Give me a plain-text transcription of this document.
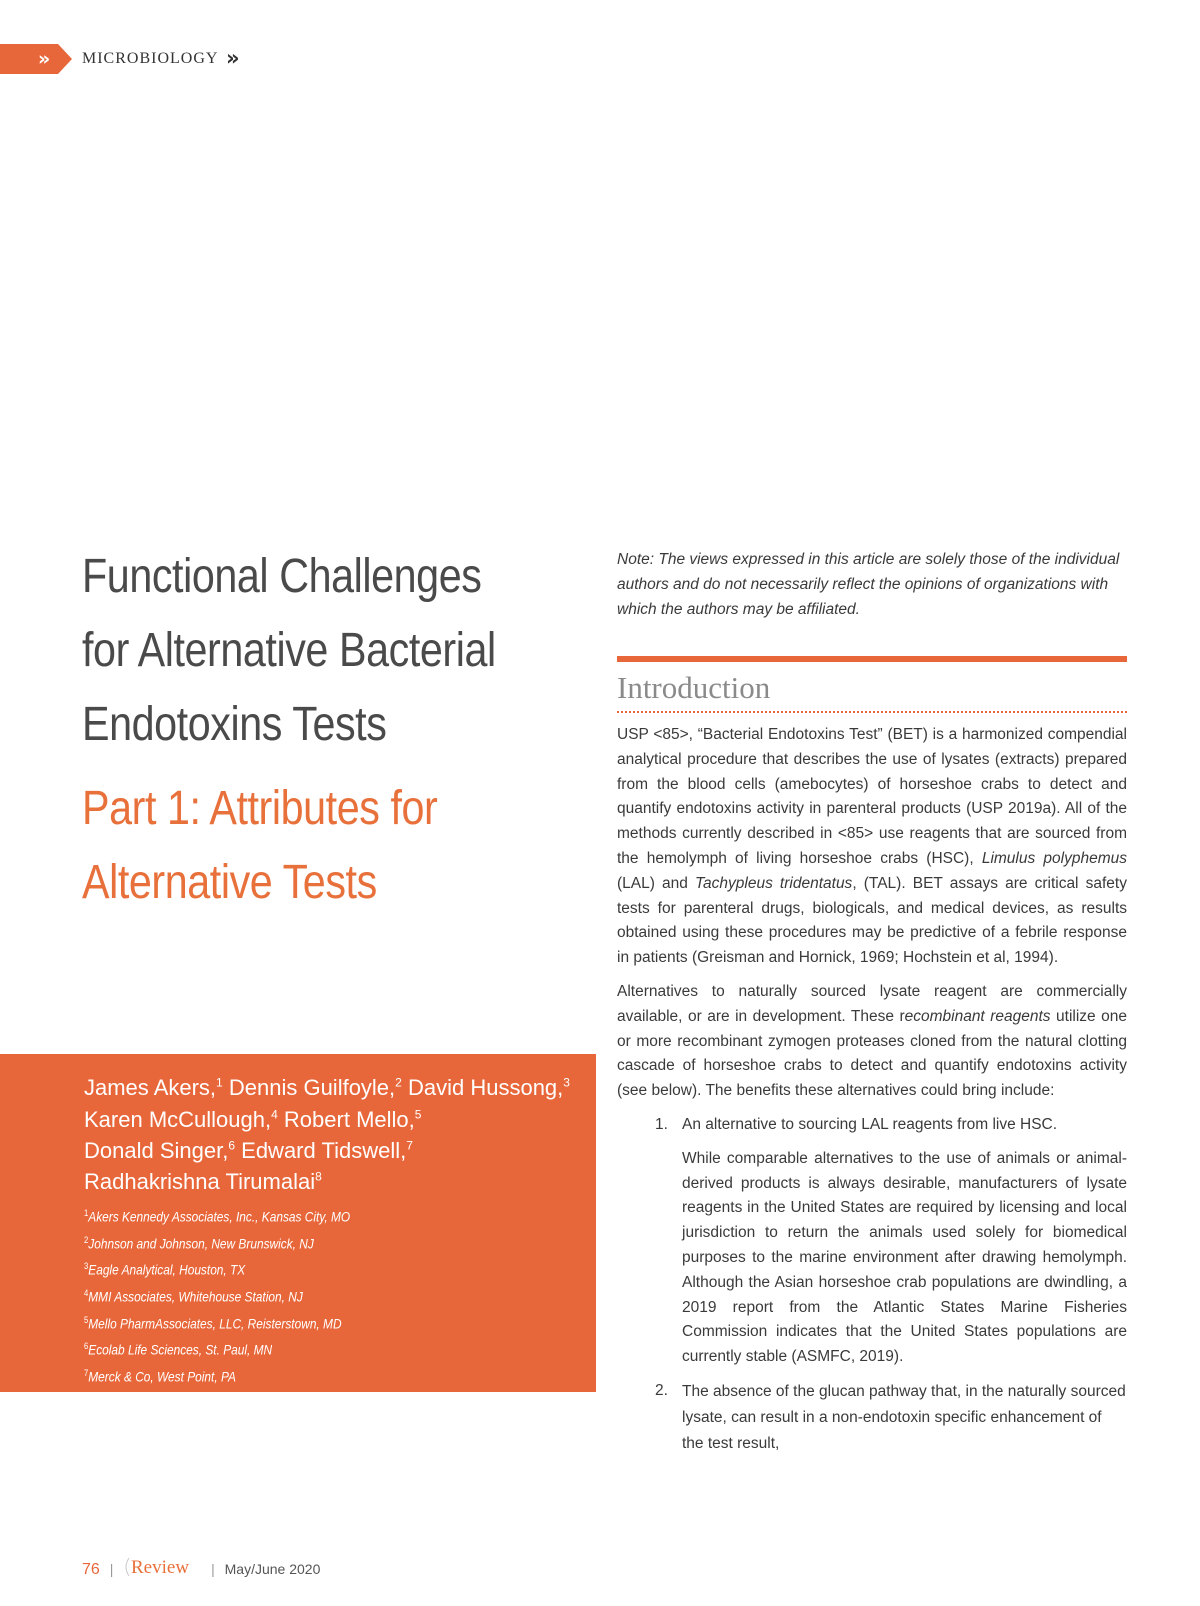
» MICROBIOLOGY »
Functional Challenges for Alternative Bacterial Endotoxins Tests
Part 1: Attributes for Alternative Tests

James Akers,$^1$ Dennis Guilfoyle,$^2$ David Hussong,$^3$
Karen McCullough,$^4$ Robert Mello,$^5$
Donald Singer,$^6$ Edward Tidswell,$^7$
Radhakrishna Tirumalai$^8$

$^1$Akers Kennedy Associates, Inc., Kansas City, MO
$^2$Johnson and Johnson, New Brunswick, NJ
$^3$Eagle Analytical, Houston, TX
$^4$MMI Associates, Whitehouse Station, NJ
$^5$Mello PharmAssociates, LLC, Reisterstown, MD
$^6$Ecolab Life Sciences, St. Paul, MN
$^7$Merck & Co, West Point, PA
$^8$North Potomac, MD

Note: The views expressed in this article are solely those of the individual authors and do not necessarily reflect the opinions of organizations with which the authors may be affiliated.

Introduction

USP <85>, “Bacterial Endotoxins Test” (BET) is a harmonized compendial analytical procedure that describes the use of lysates (extracts) prepared from the blood cells (amebocytes) of horseshoe crabs to detect and quantify endotoxins activity in parenteral products (USP 2019a). All of the methods currently described in <85> use reagents that are sourced from the hemolymph of living horseshoe crabs (HSC), Limulus polyphemus (LAL) and Tachypleus tridentatus, (TAL). BET assays are critical safety tests for parenteral drugs, biologicals, and medical devices, as results obtained using these procedures may be predictive of a febrile response in patients (Greisman and Hornick, 1969; Hochstein et al, 1994).

Alternatives to naturally sourced lysate reagent are commercially available, or are in development. These recombinant reagents utilize one or more recombinant zymogen proteases cloned from the natural clotting cascade of horseshoe crabs to detect and quantify endotoxins activity (see below). The benefits these alternatives could bring include:

1. An alternative to sourcing LAL reagents from live HSC.
While comparable alternatives to the use of animals or animal-derived products is always desirable, manufacturers of lysate reagents in the United States are required by licensing and local jurisdiction to return the animals used solely for biomedical purposes to the marine environment after drawing hemolymph. Although the Asian horseshoe crab populations are dwindling, a 2019 report from the Atlantic States Marine Fisheries Commission indicates that the United States populations are currently stable (ASMFC, 2019).
2. The absence of the glucan pathway that, in the naturally sourced lysate, can result in a non-endotoxin specific enhancement of the test result,
76 | Review | May/June 2020
